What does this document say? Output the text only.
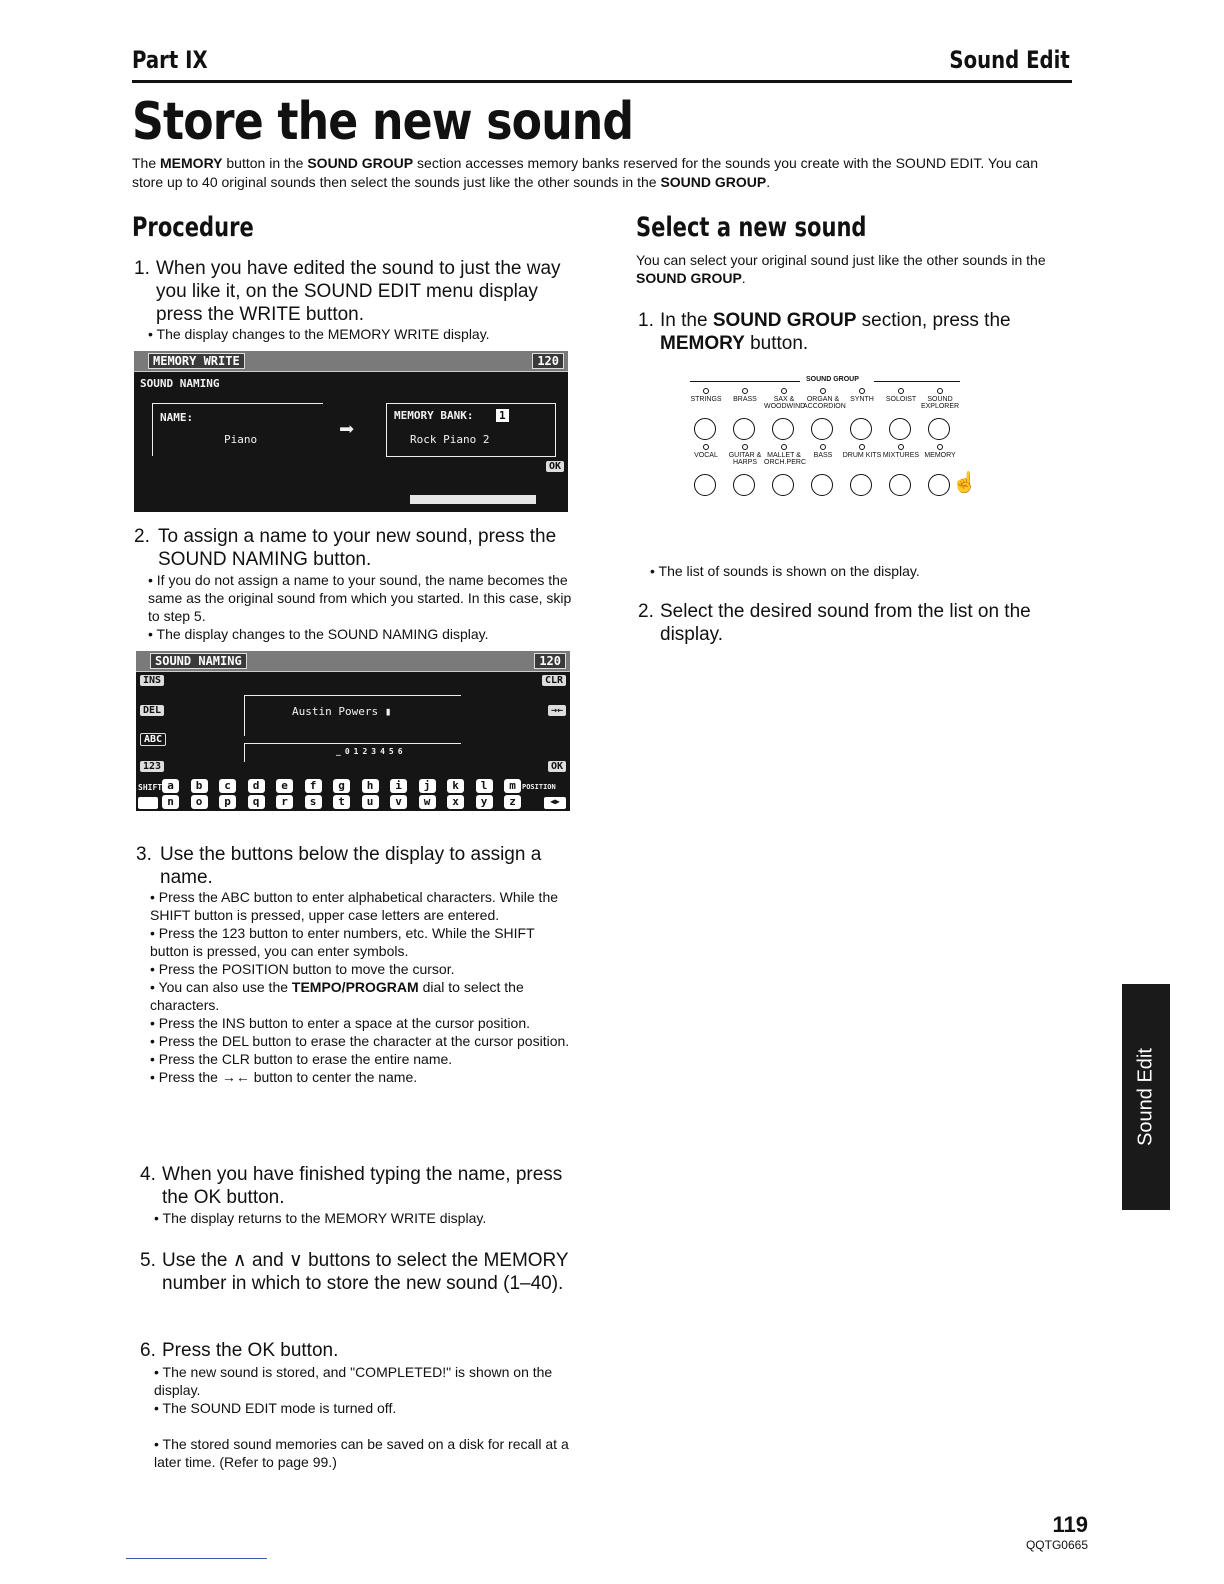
Part IX	Sound Edit
Store the new sound
The MEMORY button in the SOUND GROUP section accesses memory banks reserved for the sounds you create with the SOUND EDIT. You can store up to 40 original sounds then select the sounds just like the other sounds in the SOUND GROUP.
Procedure
1. When you have edited the sound to just the way you like it, on the SOUND EDIT menu display press the WRITE button.
• The display changes to the MEMORY WRITE display.
MEMORY WRITE	120
SOUND NAMING
NAME:
Piano	➡	MEMORY BANK: 1
Rock Piano 2
OK
2. To assign a name to your new sound, press the SOUND NAMING button.
• If you do not assign a name to your sound, the name becomes the same as the original sound from which you started. In this case, skip to step 5.
• The display changes to the SOUND NAMING display.
SOUND NAMING	120
INS
DEL
ABC
123
CLR
→←
OK
Austin Powers ▮
_0123456
SHIFT	POSITION
◀▶
a	b	c	d	e	f	g	h	i	j	k	l	m
n	o	p	q	r	s	t	u	v	w	x	y	z
3. Use the buttons below the display to assign a name.
• Press the ABC button to enter alphabetical characters. While the SHIFT button is pressed, upper case letters are entered.
• Press the 123 button to enter numbers, etc. While the SHIFT button is pressed, you can enter symbols.
• Press the POSITION button to move the cursor.
• You can also use the TEMPO/PROGRAM dial to select the characters.
• Press the INS button to enter a space at the cursor position.
• Press the DEL button to erase the character at the cursor position.
• Press the CLR button to erase the entire name.
• Press the →← button to center the name.
4. When you have finished typing the name, press the OK button.
• The display returns to the MEMORY WRITE display.
5. Use the ∧ and ∨ buttons to select the MEMORY number in which to store the new sound (1–40).
6. Press the OK button.
• The new sound is stored, and "COMPLETED!" is shown on the display.
• The SOUND EDIT mode is turned off.
• The stored sound memories can be saved on a disk for recall at a later time. (Refer to page 99.)
Select a new sound
You can select your original sound just like the other sounds in the SOUND GROUP.
1. In the SOUND GROUP section, press the MEMORY button.
SOUND GROUP
STRINGS	BRASS	SAX & WOODWIND
ORGAN & ACCORDION
SYNTH	SOLOIST	SOUND EXPLORER
VOCAL	GUITAR & HARPS
MALLET & ORCH.PERC
BASS	DRUM KITS MIXTURES MEMORY
☝
• The list of sounds is shown on the display.
2. Select the desired sound from the list on the display.
Sound Edit
119
QQTG0665
